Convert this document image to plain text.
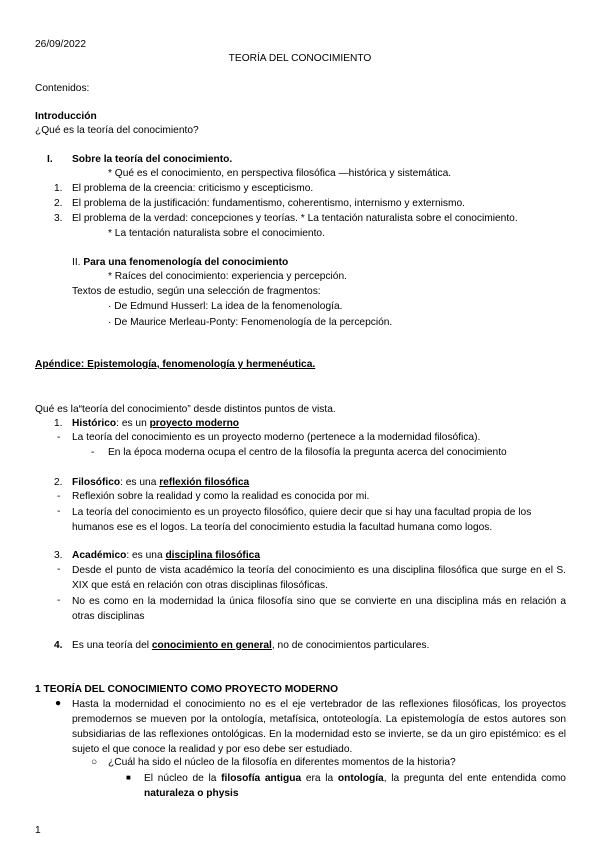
26/09/2022
TEORÍA DEL CONOCIMIENTO
Contenidos:
Introducción
¿Qué es la teoría del conocimiento?
I. Sobre la teoría del conocimiento.
* Qué es el conocimiento, en perspectiva filosófica —histórica y sistemática.
1. El problema de la creencia: criticismo y escepticismo.
2. El problema de la justificación: fundamentismo, coherentismo, internismo y externismo.
3. El problema de la verdad: concepciones y teorías. * La tentación naturalista sobre el conocimiento.
* La tentación naturalista sobre el conocimiento.
II. Para una fenomenología del conocimiento
* Raíces del conocimiento: experiencia y percepción.
Textos de estudio, según una selección de fragmentos:
· De Edmund Husserl: La idea de la fenomenología.
· De Maurice Merleau-Ponty: Fenomenología de la percepción.
Apéndice: Epistemología, fenomenología y hermenéutica.
Qué es la“teoría del conocimiento” desde distintos puntos de vista.
1. Histórico: es un proyecto moderno
- La teoría del conocimiento es un proyecto moderno (pertenece a la modernidad filosófica).
- En la época moderna ocupa el centro de la filosofía la pregunta acerca del conocimiento
2. Filosófico: es una reflexión filosófica
- Reflexión sobre la realidad y como la realidad es conocida por mi.
- La teoría del conocimiento es un proyecto filosófico, quiere decir que si hay una facultad propia de los humanos ese es el logos. La teoría del conocimiento estudia la facultad humana como logos.
3. Académico: es una disciplina filosófica
- Desde el punto de vista académico la teoría del conocimiento es una disciplina filosófica que surge en el S. XIX que está en relación con otras disciplinas filosóficas.
- No es como en la modernidad la única filosofía sino que se convierte en una disciplina más en relación a otras disciplinas
4. Es una teoría del conocimiento en general, no de conocimientos particulares.
1 TEORÍA DEL CONOCIMIENTO COMO PROYECTO MODERNO
● Hasta la modernidad el conocimiento no es el eje vertebrador de las reflexiones filosóficas, los proyectos premodernos se mueven por la ontología, metafísica, ontoteología. La epistemología de estos autores son subsidiarias de las reflexiones ontológicas. En la modernidad esto se invierte, se da un giro epistémico: es el sujeto el que conoce la realidad y por eso debe ser estudiado.
○ ¿Cuál ha sido el núcleo de la filosofía en diferentes momentos de la historia?
■ El núcleo de la filosofía antigua era la ontología, la pregunta del ente entendida como naturaleza o physis
1
